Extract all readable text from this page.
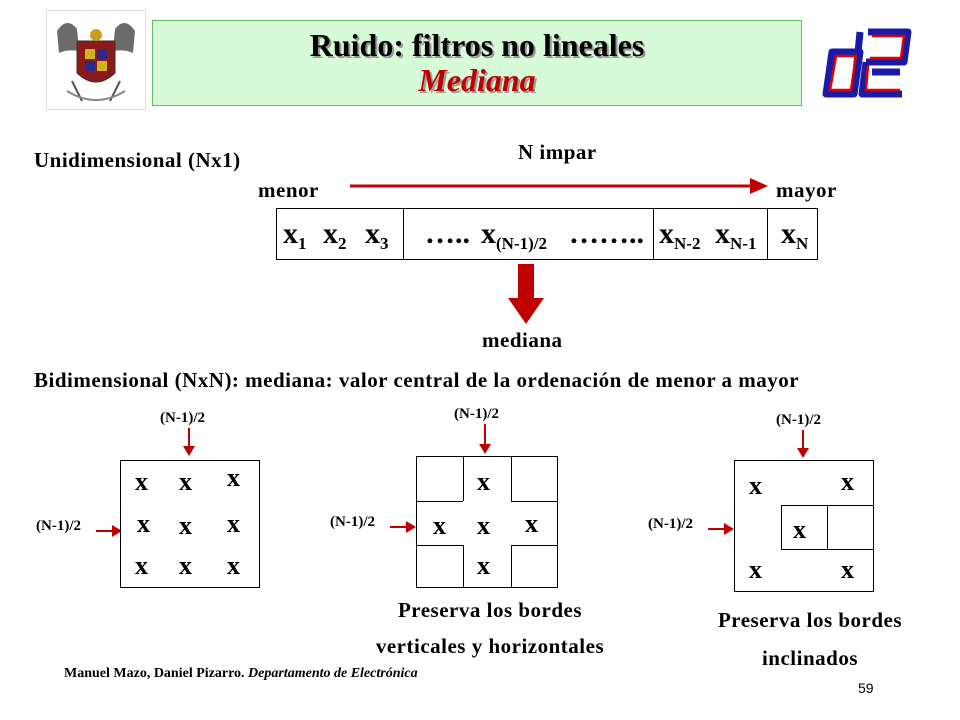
Ruido: filtros no lineales
Mediana
Unidimensional (Nx1)	N impar
menor	mayor
$x_1$ $x_2$ $x_3$ ….. $x_{(N-1)/2}$ …….. $x_{N-2}$ $x_{N-1}$ $x_N$
mediana
Bidimensional (NxN): mediana: valor central de la ordenación de menor a mayor
(N-1)/2
(N-1)/2
x x x
x x x
x x x
(N-1)/2
(N-1)/2
x
x x x
x
Preserva los bordes
verticales y horizontales
(N-1)/2
(N-1)/2
x	x
x
x	x
Preserva los bordes
inclinados
Manuel Mazo, Daniel Pizarro. Departamento de Electrónica
59
